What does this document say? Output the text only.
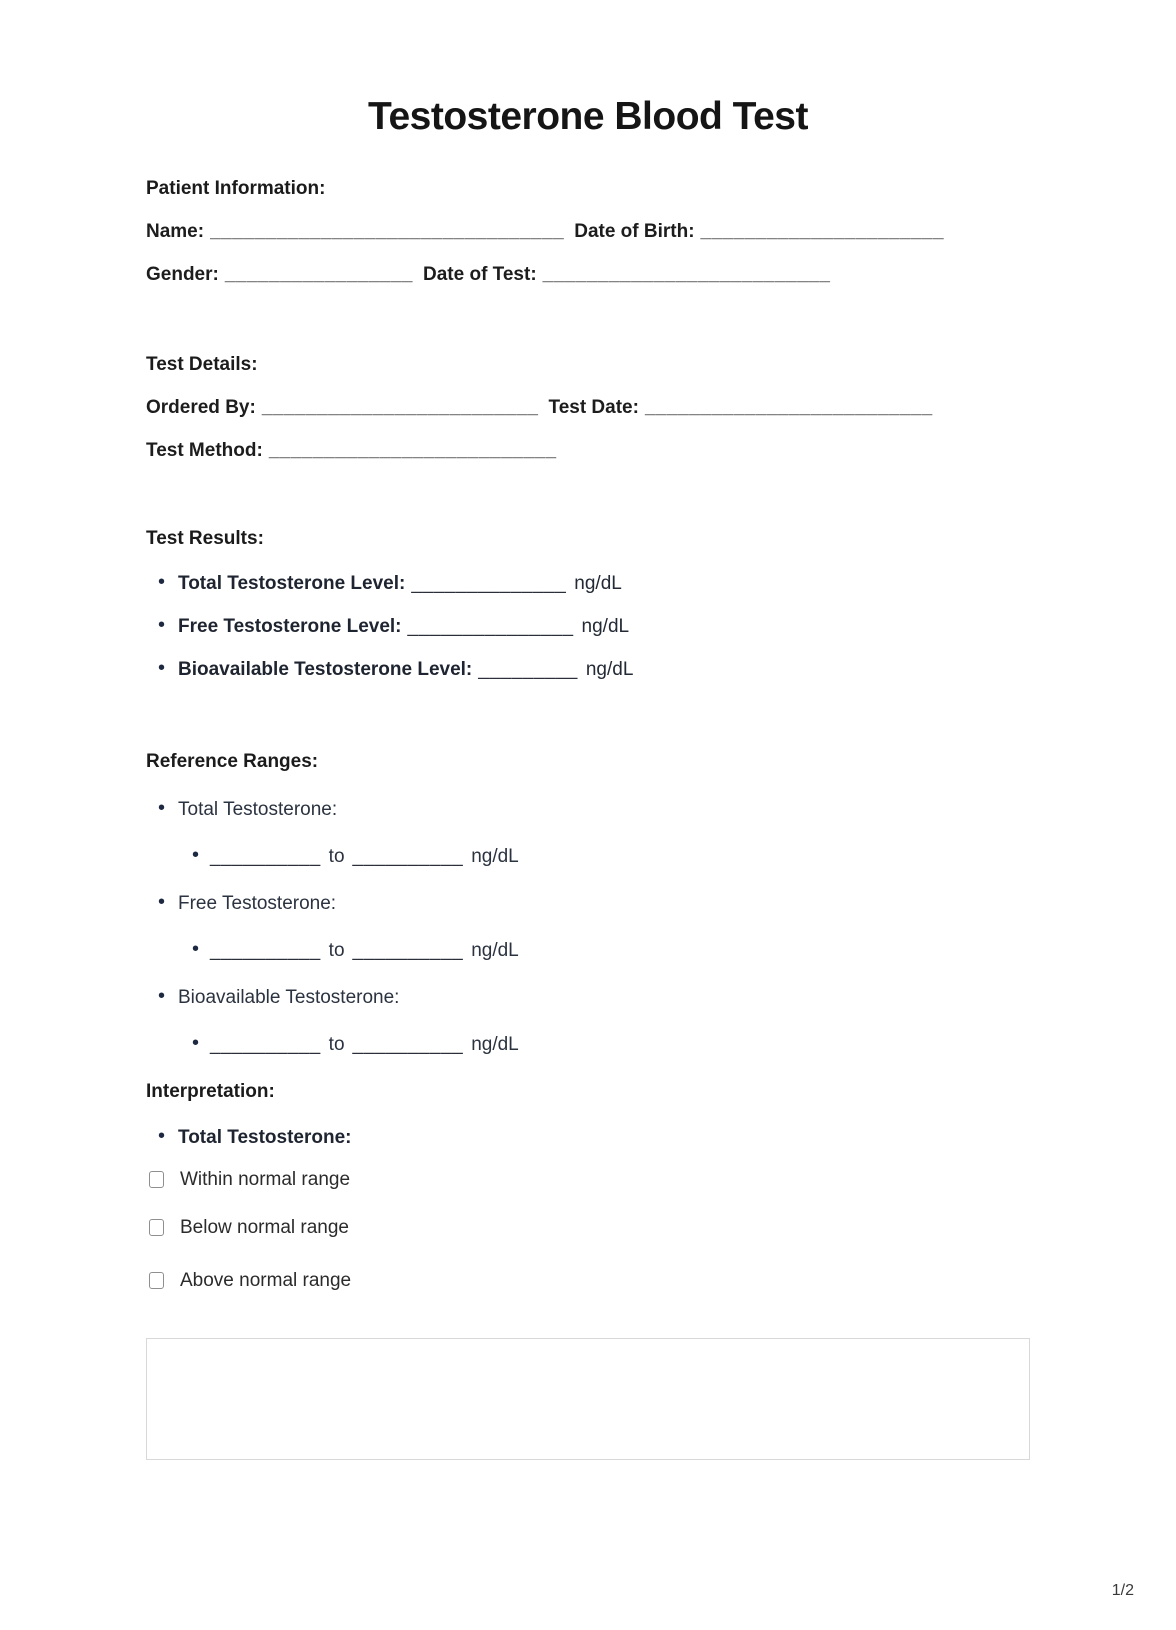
Testosterone Blood Test

Patient Information:

Name: ________________________________ Date of Birth: ______________________

Gender: _________________ Date of Test: __________________________

Test Details:

Ordered By: _________________________ Test Date: __________________________

Test Method: __________________________

Test Results:

• Total Testosterone Level: ______________ ng/dL
• Free Testosterone Level: _______________ ng/dL
• Bioavailable Testosterone Level: _________ ng/dL

Reference Ranges:

• Total Testosterone:
• __________ to __________ ng/dL
• Free Testosterone:
• __________ to __________ ng/dL
• Bioavailable Testosterone:
• __________ to __________ ng/dL

Interpretation:

• Total Testosterone:
Within normal range
Below normal range
Above normal range
1/2
